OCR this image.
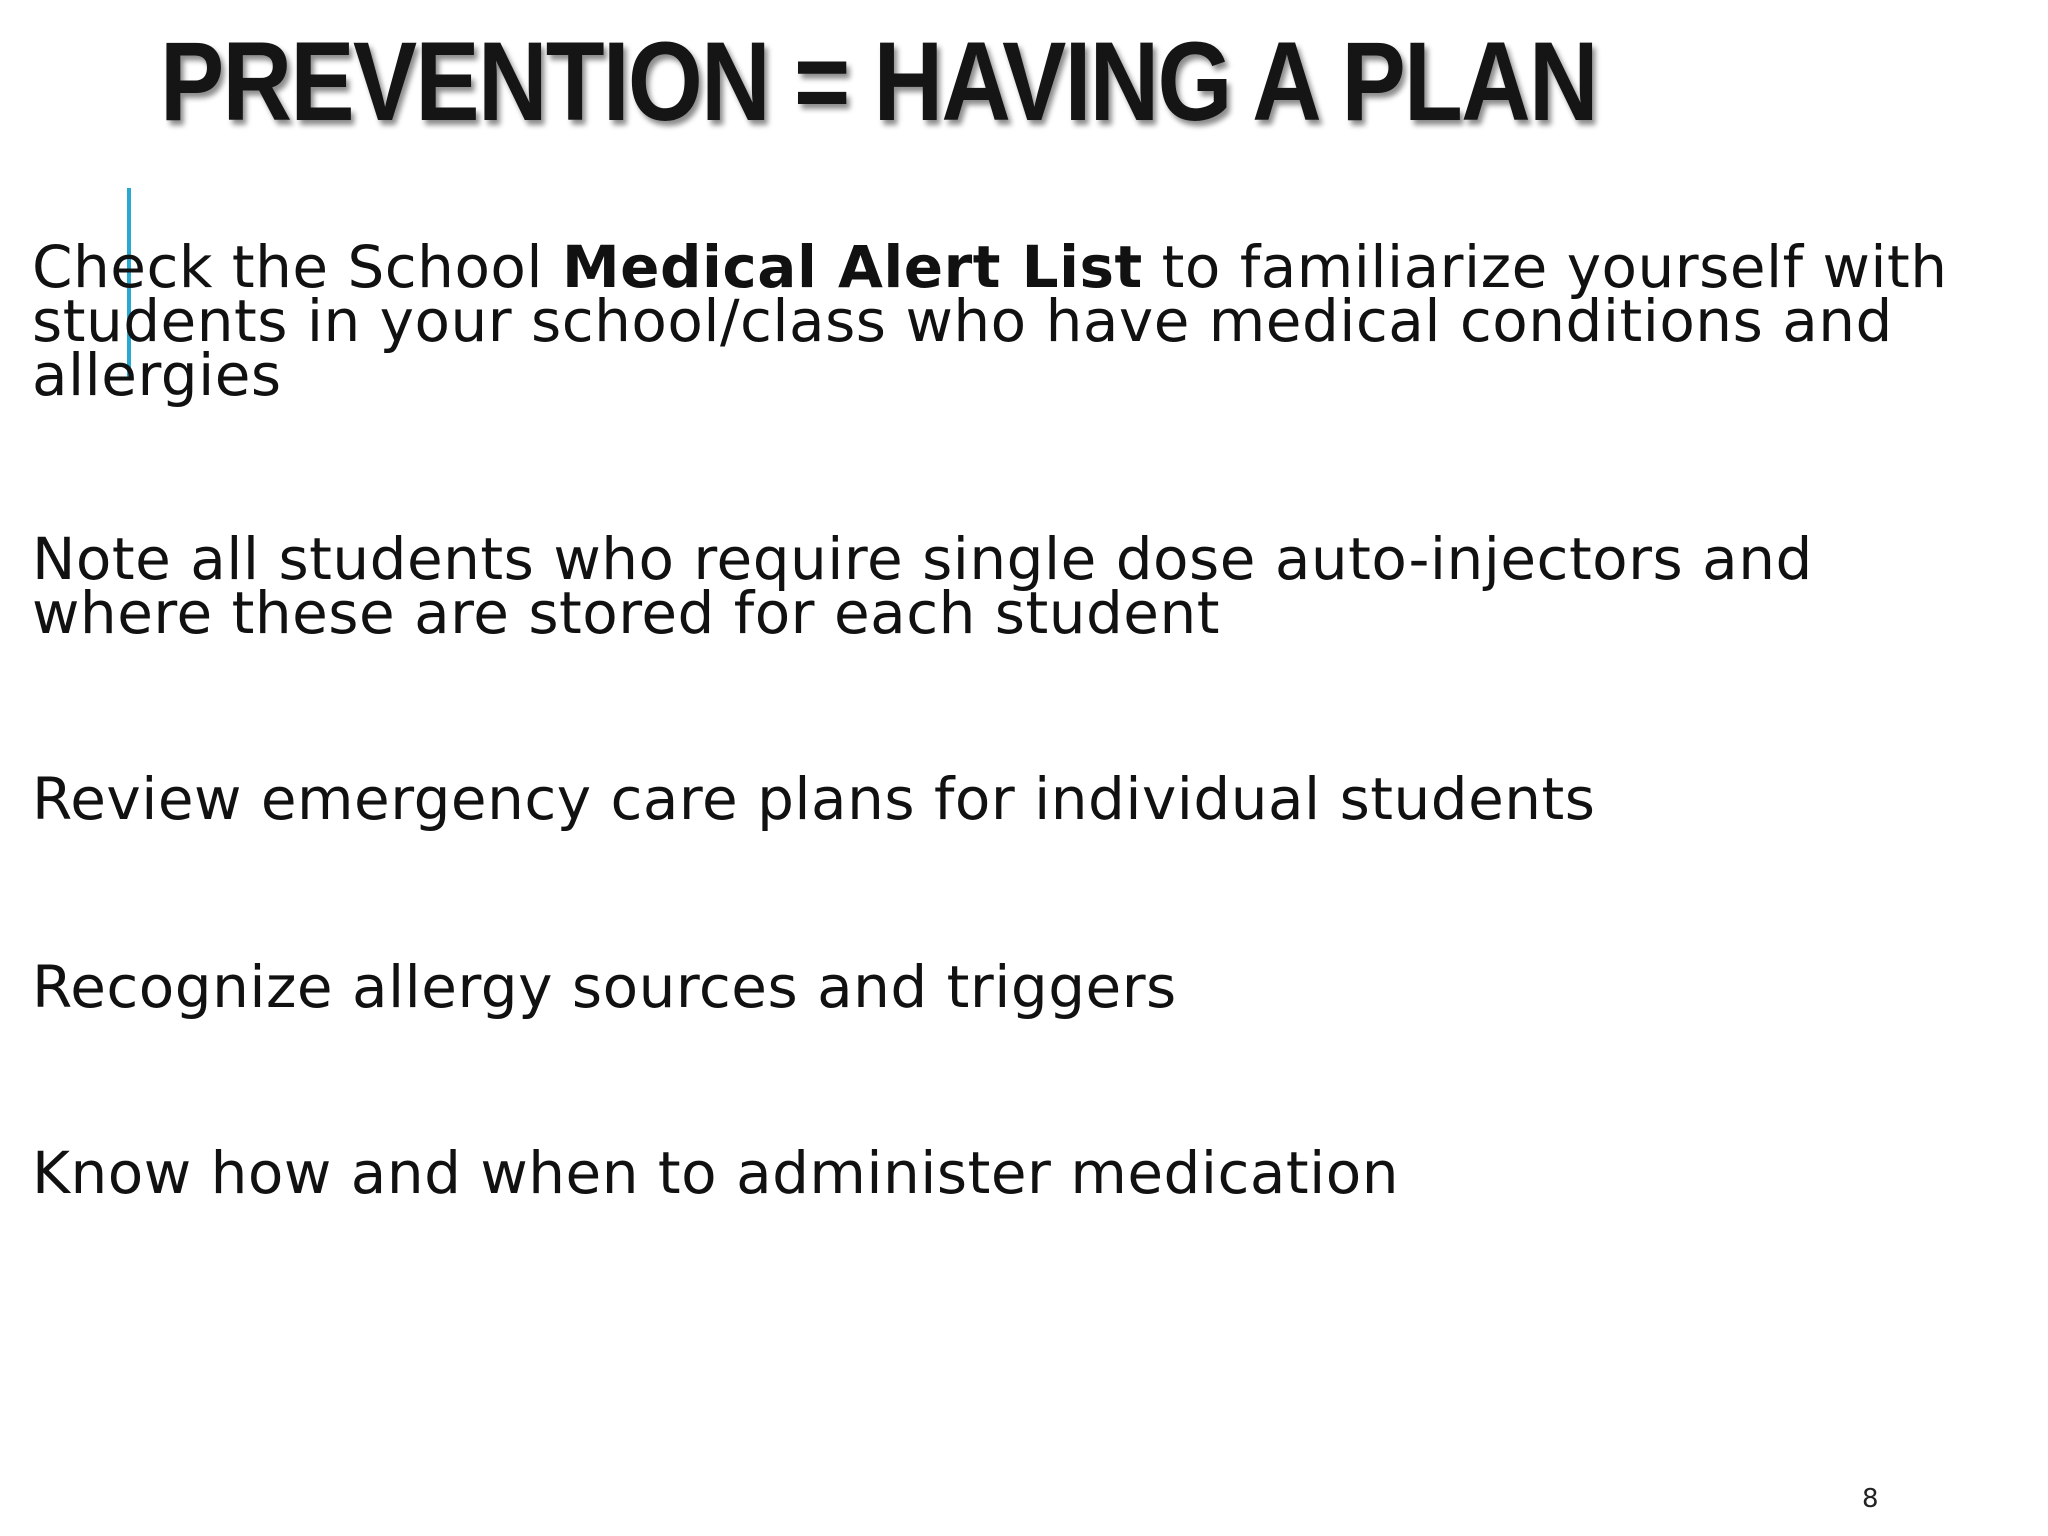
PREVENTION = HAVING A PLAN

Check the School Medical Alert List to familiarize yourself with
students in your school/class who have medical conditions and
allergies

Note all students who require single dose auto-injectors and
where these are stored for each student

Review emergency care plans for individual students

Recognize allergy sources and triggers

Know how and when to administer medication

8
